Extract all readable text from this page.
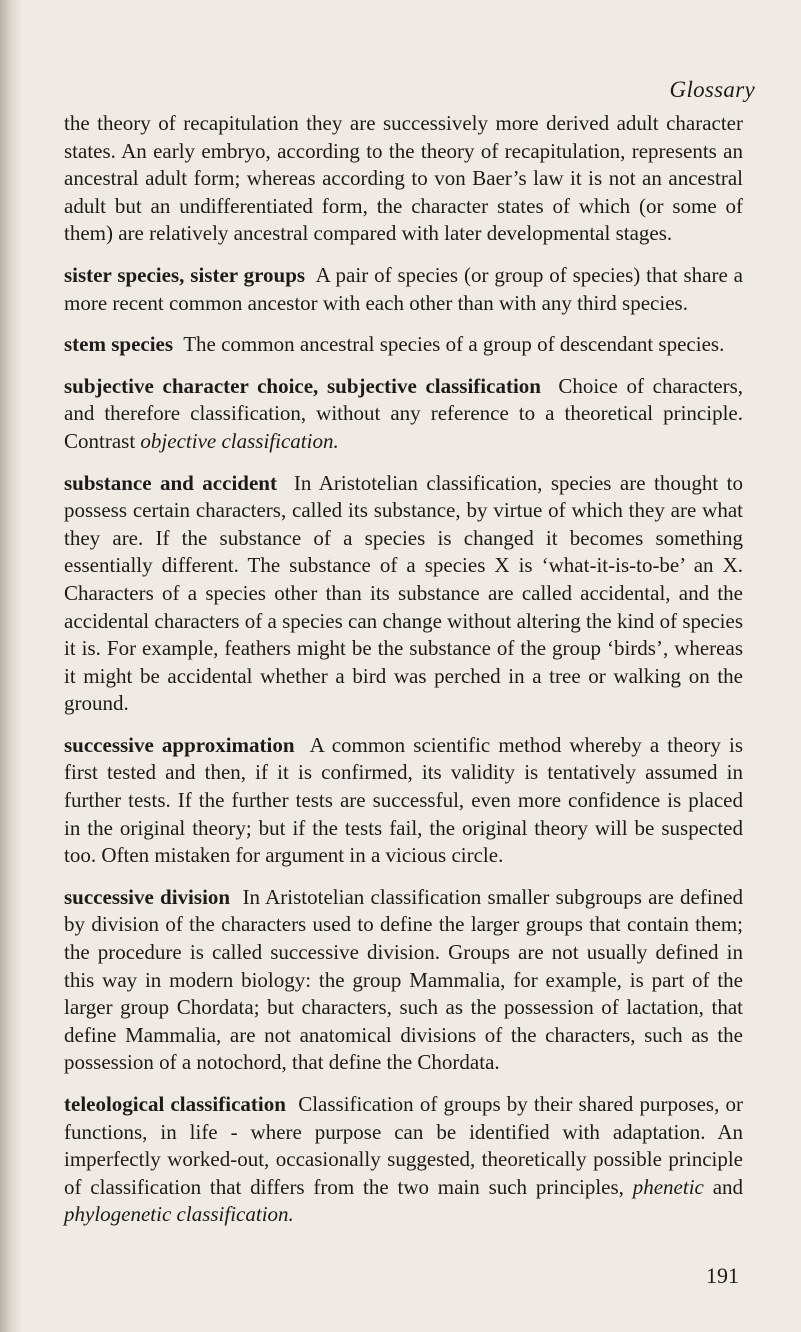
Glossary

the theory of recapitulation they are successively more derived adult character states. An early embryo, according to the theory of recapitulation, represents an ancestral adult form; whereas according to von Baer’s law it is not an ancestral adult but an undifferentiated form, the character states of which (or some of them) are relatively ancestral compared with later developmental stages.

sister species, sister groups A pair of species (or group of species) that share a more recent common ancestor with each other than with any third species.

stem species The common ancestral species of a group of descendant species.

subjective character choice, subjective classification Choice of characters, and therefore classification, without any reference to a theoretical principle. Contrast objective classification.

substance and accident In Aristotelian classification, species are thought to possess certain characters, called its substance, by virtue of which they are what they are. If the substance of a species is changed it becomes something essentially different. The substance of a species X is ‘what-it-is-to-be’ an X. Characters of a species other than its substance are called accidental, and the accidental characters of a species can change without altering the kind of species it is. For example, feathers might be the substance of the group ‘birds’, whereas it might be accidental whether a bird was perched in a tree or walking on the ground.

successive approximation A common scientific method whereby a theory is first tested and then, if it is confirmed, its validity is tentatively assumed in further tests. If the further tests are successful, even more confidence is placed in the original theory; but if the tests fail, the original theory will be suspected too. Often mistaken for argument in a vicious circle.

successive division In Aristotelian classification smaller subgroups are defined by division of the characters used to define the larger groups that contain them; the procedure is called successive division. Groups are not usually defined in this way in modern biology: the group Mammalia, for example, is part of the larger group Chordata; but characters, such as the possession of lactation, that define Mammalia, are not anatomical divisions of the characters, such as the possession of a notochord, that define the Chordata.

teleological classification Classification of groups by their shared purposes, or functions, in life - where purpose can be identified with adaptation. An imperfectly worked-out, occasionally suggested, theoretically possible principle of classification that differs from the two main such principles, phenetic and phylogenetic classification.

191
